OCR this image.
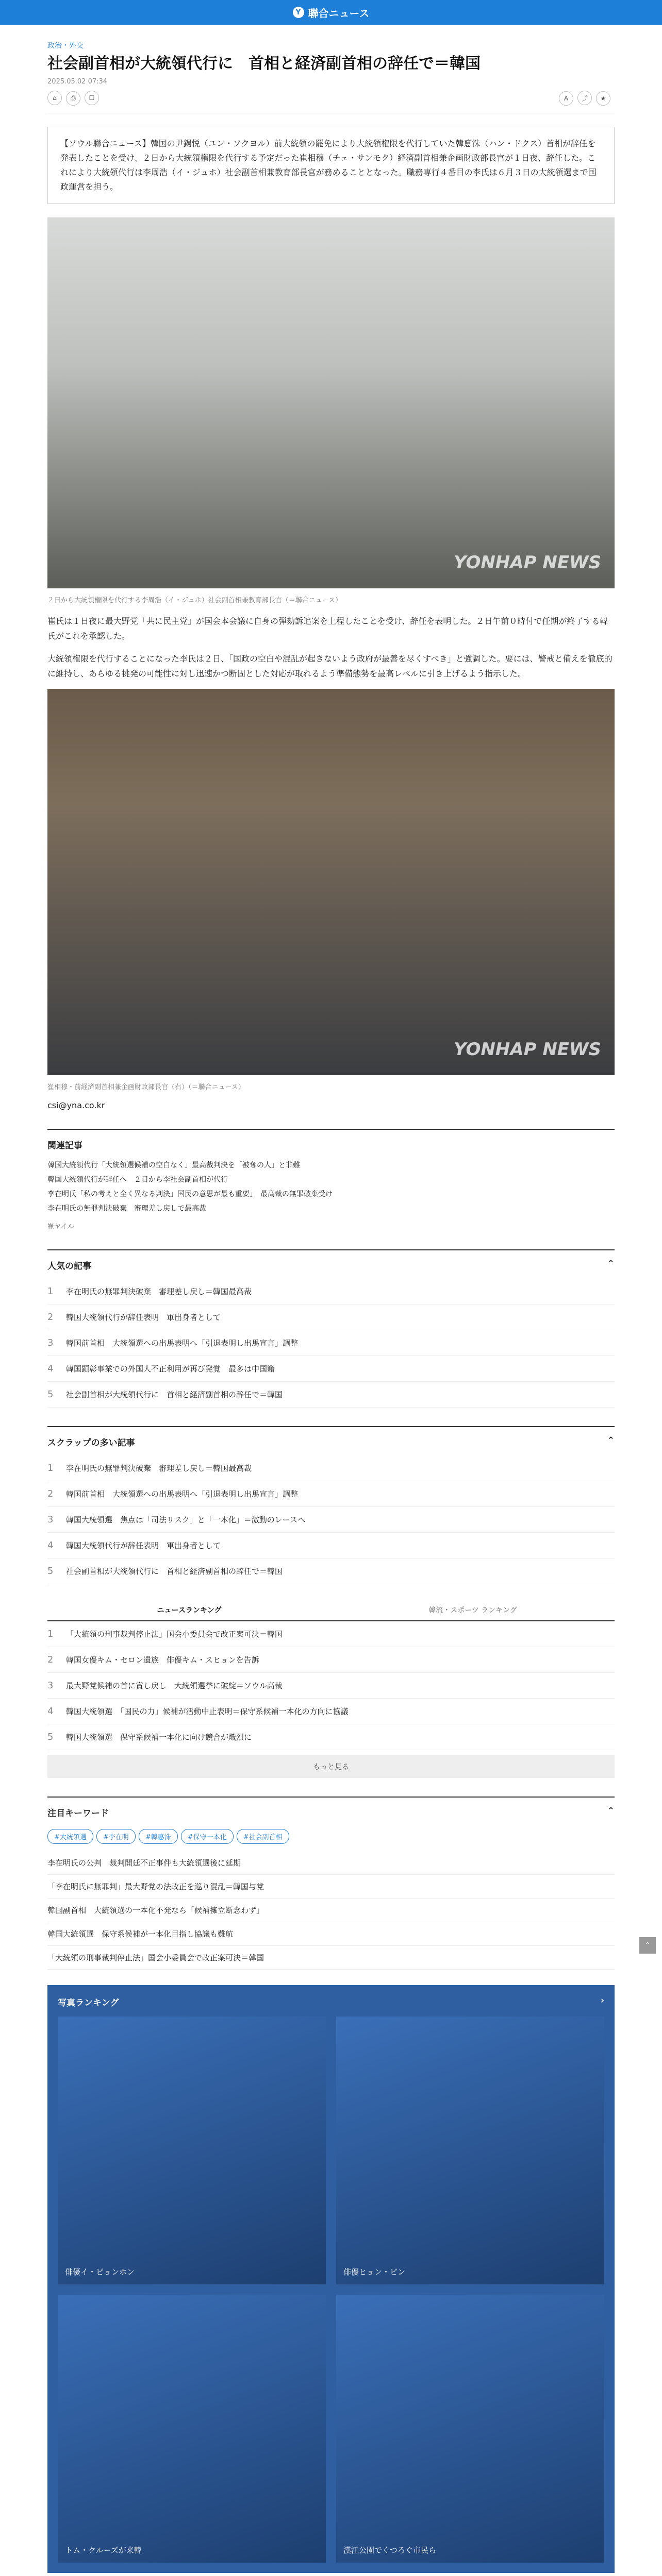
Y 聯合ニュース
政治・外交
社会副首相が大統領代行に　首相と経済副首相の辞任で＝韓国
2025.05.02 07:34
⌂ ⎙ ☐	A ⤴ ★
【ソウル聯合ニュース】韓国の尹錫悦（ユン・ソクヨル）前大統領の罷免により大統領権限を代行していた韓悳洙（ハン・ドクス）首相が辞任を発表したことを受け、２日から大統領権限を代行する予定だった崔相穆（チェ・サンモク）経済副首相兼企画財政部長官が１日夜、辞任した。これにより大統領代行は李周浩（イ・ジュホ）社会副首相兼教育部長官が務めることとなった。職務専行４番目の李氏は６月３日の大統領選まで国政運営を担う。
YONHAP NEWS
２日から大統領権限を代行する李周浩（イ・ジュホ）社会副首相兼教育部長官（＝聯合ニュース）

崔氏は１日夜に最大野党「共に民主党」が国会本会議に自身の弾劾訴追案を上程したことを受け、辞任を表明した。２日午前０時付で任期が終了する韓氏がこれを承認した。

大統領権限を代行することになった李氏は２日、「国政の空白や混乱が起きないよう政府が最善を尽くすべき」と強調した。要には、警戒と備えを徹底的に維持し、あらゆる挑発の可能性に対し迅速かつ断固とした対応が取れるよう準備態勢を最高レベルに引き上げるよう指示した。

YONHAP NEWS
崔相穆・前経済副首相兼企画財政部長官（右）（＝聯合ニュース）
csi@yna.co.kr
関連記事
韓国大統領代行「大統領選候補の空白なく」最高裁判決を「被奪の人」と非難
韓国大統領代行が辞任へ　２日から李社会副首相が代行
李在明氏「私の考えと全く異なる判決」国民の意思が最も重要」　最高裁の無罪破棄受け
李在明氏の無罪判決破棄　審理差し戻しで最高裁
崔ヤイル
人気の記事	⌃
1	李在明氏の無罪判決破棄　審理差し戻し＝韓国最高裁
2	韓国大統領代行が辞任表明　軍出身者として
3	韓国前首相　大統領選への出馬表明へ「引退表明し出馬宣言」調整
4	韓国顕彰事業での外国人不正利用が再び発覚　最多は中国籍
5	社会副首相が大統領代行に　首相と経済副首相の辞任で＝韓国
スクラップの多い記事	⌃
1	李在明氏の無罪判決破棄　審理差し戻し＝韓国最高裁
2	韓国前首相　大統領選への出馬表明へ「引退表明し出馬宣言」調整
3	韓国大統領選　焦点は「司法リスク」と「一本化」＝激動のレースへ
4	韓国大統領代行が辞任表明　軍出身者として
5	社会副首相が大統領代行に　首相と経済副首相の辞任で＝韓国
ニュースランキング	韓流・スポーツ ランキング
1	「大統領の刑事裁判停止法」国会小委員会で改正案可決＝韓国
2	韓国女優キム・セロン遺族　俳優キム・スヒョンを告訴
3	最大野党候補の首に賞し戻し　大統領選挙に破綻＝ソウル高裁
4	韓国大統領選　「国民の力」候補が活動中止表明＝保守系候補一本化の方向に協議
5	韓国大統領選　保守系候補一本化に向け競合が熾烈に
もっと見る
注目キーワード	⌃
#大統領選 #李在明 #韓悳洙 #保守一本化 #社会副首相
李在明氏の公判　裁判開廷不正事件も大統領選後に延期
「李在明氏に無罪判」最大野党の法改正を巡り混乱＝韓国与党
韓国副首相　大統領選の一本化不発なら「候補擁立断念わず」
韓国大統領選　保守系候補が一本化目指し協議も難航
「大統領の刑事裁判停止法」国会小委員会で改正案可決＝韓国
写真ランキング	›
俳優イ・ビョンホン	俳優ヒョン・ビン
トム・クルーズが来韓	漢江公園でくつろぐ市民ら
⌃
